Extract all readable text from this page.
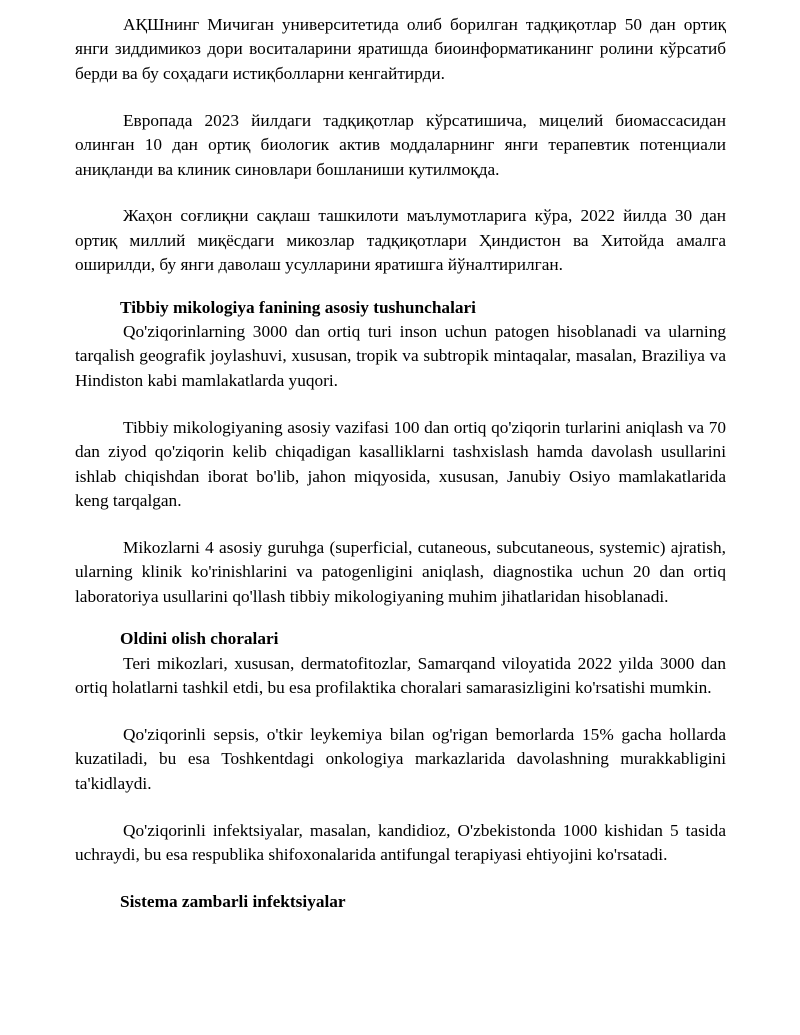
АҚШнинг Мичиган университетида олиб борилган тадқиқотлар 50 дан ортиқ янги зиддимикоз дори воситаларини яратишда биоинформатиканинг ролини кўрсатиб берди ва бу соҳадаги истиқболларни кенгайтирди.

Европада 2023 йилдаги тадқиқотлар кўрсатишича, мицелий биомассасидан олинган 10 дан ортиқ биологик актив моддаларнинг янги терапевтик потенциали аниқланди ва клиник синовлари бошланиши кутилмоқда.

Жаҳон соғлиқни сақлаш ташкилоти маълумотларига кўра, 2022 йилда 30 дан ортиқ миллий миқёсдаги микозлар тадқиқотлари Ҳиндистон ва Хитойда амалга оширилди, бу янги даволаш усулларини яратишга йўналтирилган.

Tibbiy mikologiya fanining asosiy tushunchalari

Qo'ziqorinlarning 3000 dan ortiq turi inson uchun patogen hisoblanadi va ularning tarqalish geografik joylashuvi, xususan, tropik va subtropik mintaqalar, masalan, Braziliya va Hindiston kabi mamlakatlarda yuqori.

Tibbiy mikologiyaning asosiy vazifasi 100 dan ortiq qo'ziqorin turlarini aniqlash va 70 dan ziyod qo'ziqorin kelib chiqadigan kasalliklarni tashxislash hamda davolash usullarini ishlab chiqishdan iborat bo'lib, jahon miqyosida, xususan, Janubiy Osiyo mamlakatlarida keng tarqalgan.

Mikozlarni 4 asosiy guruhga (superficial, cutaneous, subcutaneous, systemic) ajratish, ularning klinik ko'rinishlarini va patogenligini aniqlash, diagnostika uchun 20 dan ortiq laboratoriya usullarini qo'llash tibbiy mikologiyaning muhim jihatlaridan hisoblanadi.

Oldini olish choralari

Teri mikozlari, xususan, dermatofitozlar, Samarqand viloyatida 2022 yilda 3000 dan ortiq holatlarni tashkil etdi, bu esa profilaktika choralari samarasizligini ko'rsatishi mumkin.

Qo'ziqorinli sepsis, o'tkir leykemiya bilan og'rigan bemorlarda 15% gacha hollarda kuzatiladi, bu esa Toshkentdagi onkologiya markazlarida davolashning murakkabligini ta'kidlaydi.

Qo'ziqorinli infektsiyalar, masalan, kandidioz, O'zbekistonda 1000 kishidan 5 tasida uchraydi, bu esa respublika shifoxonalarida antifungal terapiyasi ehtiyojini ko'rsatadi.

Sistema zambarli infektsiyalar
